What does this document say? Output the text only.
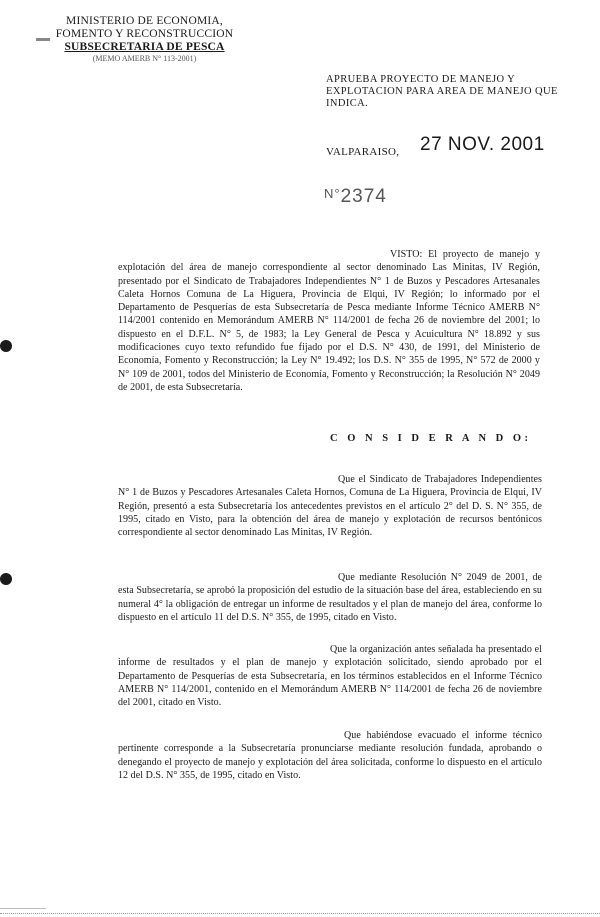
MINISTERIO DE ECONOMIA,
FOMENTO Y RECONSTRUCCION
SUBSECRETARIA DE PESCA
(MEMO AMERB N° 113-2001)
APRUEBA PROYECTO DE MANEJO Y EXPLOTACION PARA AREA DE MANEJO QUE INDICA.
VALPARAISO, 27 NOV. 2001
$^{N^\circ}$2374
VISTO: El proyecto de manejo y explotación del área de manejo correspondiente al sector denominado Las Minitas, IV Región, presentado por el Sindicato de Trabajadores Independientes N° 1 de Buzos y Pescadores Artesanales Caleta Hornos Comuna de La Higuera, Provincia de Elqui, IV Región; lo informado por el Departamento de Pesquerías de esta Subsecretaría de Pesca mediante Informe Técnico AMERB N° 114/2001 contenido en Memorándum AMERB N° 114/2001 de fecha 26 de noviembre del 2001; lo dispuesto en el D.F.L. N° 5, de 1983; la Ley General de Pesca y Acuicultura N° 18.892 y sus modificaciones cuyo texto refundido fue fijado por el D.S. N° 430, de 1991, del Ministerio de Economía, Fomento y Reconstrucción; la Ley N° 19.492; los D.S. N° 355 de 1995, N° 572 de 2000 y N° 109 de 2001, todos del Ministerio de Economía, Fomento y Reconstrucción; la Resolución N° 2049 de 2001, de esta Subsecretaría.
C O N S I D E R A N D O:
Que el Sindicato de Trabajadores Independientes N° 1 de Buzos y Pescadores Artesanales Caleta Hornos, Comuna de La Higuera, Provincia de Elqui, IV Región, presentó a esta Subsecretaría los antecedentes previstos en el artículo 2° del D. S. N° 355, de 1995, citado en Visto, para la obtención del área de manejo y explotación de recursos bentónicos correspondiente al sector denominado Las Minitas, IV Región.
Que mediante Resolución N° 2049 de 2001, de esta Subsecretaría, se aprobó la proposición del estudio de la situación base del área, estableciendo en su numeral 4° la obligación de entregar un informe de resultados y el plan de manejo del área, conforme lo dispuesto en el artículo 11 del D.S. N° 355, de 1995, citado en Visto.
Que la organización antes señalada ha presentado el informe de resultados y el plan de manejo y explotación solicitado, siendo aprobado por el Departamento de Pesquerías de esta Subsecretaría, en los términos establecidos en el Informe Técnico AMERB N° 114/2001, contenido en el Memorándum AMERB N° 114/2001 de fecha 26 de noviembre del 2001, citado en Visto.
Que habiéndose evacuado el informe técnico pertinente corresponde a la Subsecretaría pronunciarse mediante resolución fundada, aprobando o denegando el proyecto de manejo y explotación del área solicitada, conforme lo dispuesto en el artículo 12 del D.S. N° 355, de 1995, citado en Visto.
